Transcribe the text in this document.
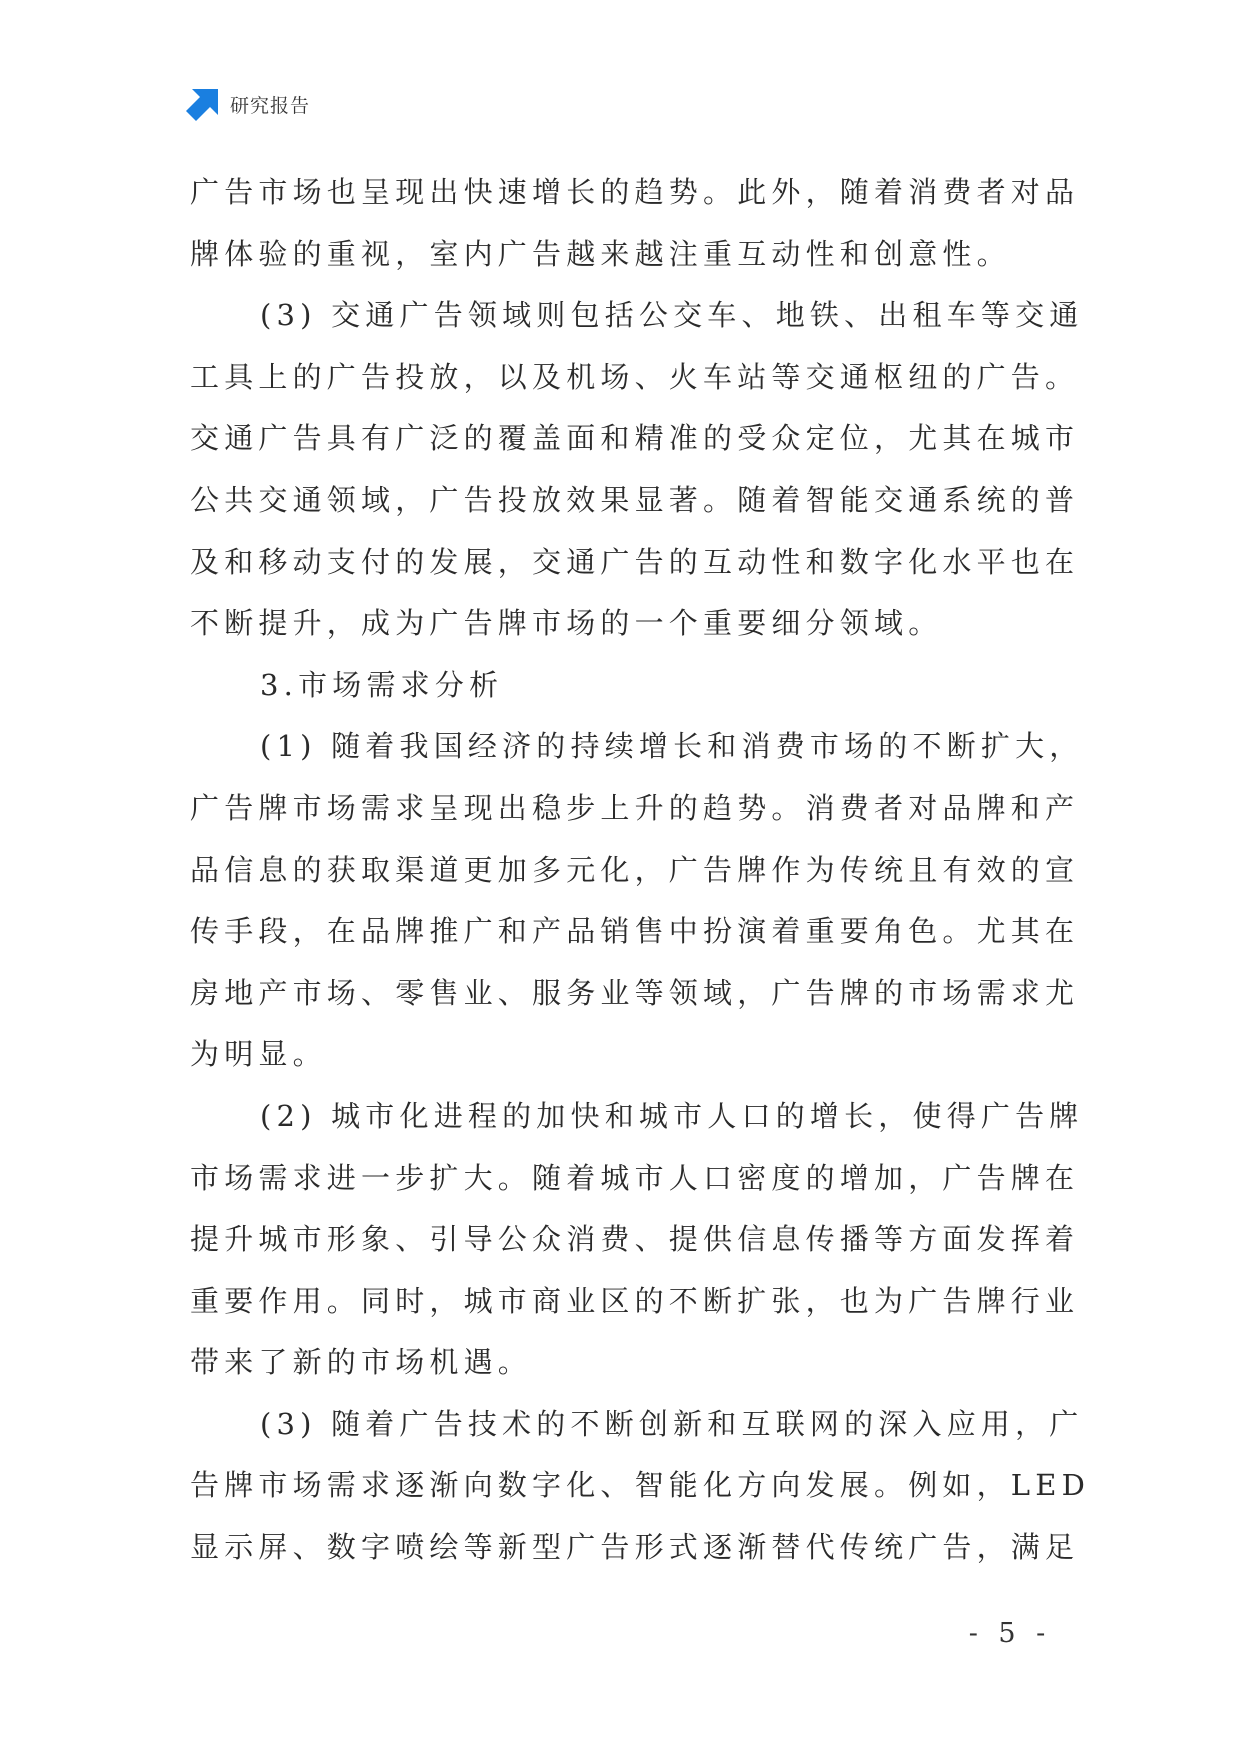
研究报告
广告市场也呈现出快速增长的趋势。此外，随着消费者对品
牌体验的重视，室内广告越来越注重互动性和创意性。
(3) 交通广告领域则包括公交车、地铁、出租车等交通
工具上的广告投放，以及机场、火车站等交通枢纽的广告。
交通广告具有广泛的覆盖面和精准的受众定位，尤其在城市
公共交通领域，广告投放效果显著。随着智能交通系统的普
及和移动支付的发展，交通广告的互动性和数字化水平也在
不断提升，成为广告牌市场的一个重要细分领域。
3.市场需求分析
(1) 随着我国经济的持续增长和消费市场的不断扩大，
广告牌市场需求呈现出稳步上升的趋势。消费者对品牌和产
品信息的获取渠道更加多元化，广告牌作为传统且有效的宣
传手段，在品牌推广和产品销售中扮演着重要角色。尤其在
房地产市场、零售业、服务业等领域，广告牌的市场需求尤
为明显。
(2) 城市化进程的加快和城市人口的增长，使得广告牌
市场需求进一步扩大。随着城市人口密度的增加，广告牌在
提升城市形象、引导公众消费、提供信息传播等方面发挥着
重要作用。同时，城市商业区的不断扩张，也为广告牌行业
带来了新的市场机遇。
(3) 随着广告技术的不断创新和互联网的深入应用，广
告牌市场需求逐渐向数字化、智能化方向发展。例如，LED
显示屏、数字喷绘等新型广告形式逐渐替代传统广告，满足
- 5 -
